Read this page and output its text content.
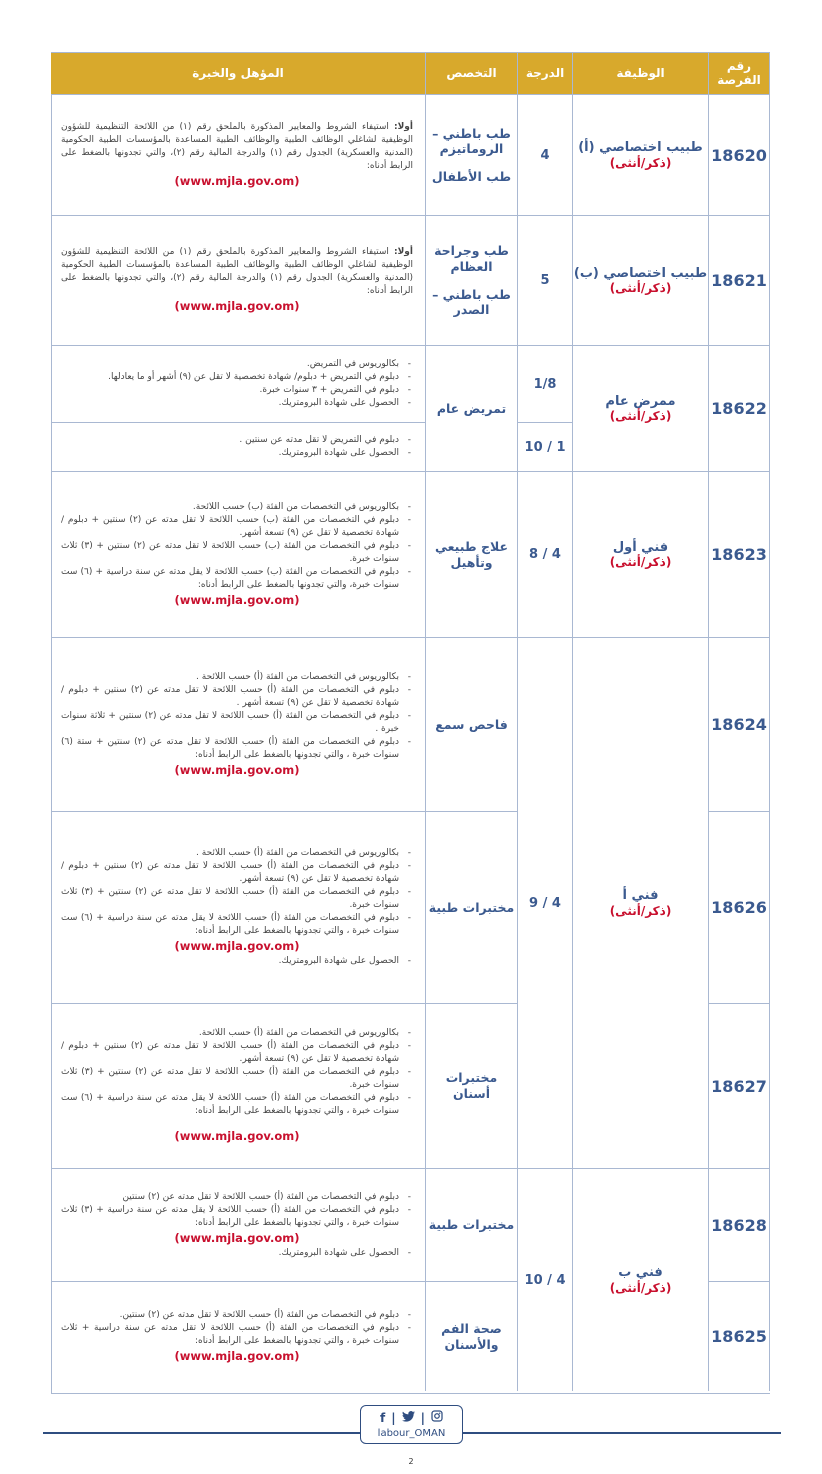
رقم الفرصة
الوظيفة
الدرجة
التخصص
المؤهل والخبرة
18620
طبيب اختصاصي (أ)
(ذكر/أنثى)
4
طب باطني – الروماتيزم
طب الأطفال

أولا: استيفاء الشروط والمعايير المذكورة بالملحق رقم (١) من اللائحة التنظيمية للشؤون الوظيفية لشاغلي الوظائف الطبية والوظائف الطبية المساعدة بالمؤسسات الطبية الحكومية (المدنية والعسكرية) الجدول رقم (١) والدرجة المالية رقم (٢)، والتي تجدونها بالضغط على الرابط أدناه:

(www.mjla.gov.om)
18621
طبيب اختصاصي (ب)
(ذكر/أنثى)
5
طب وجراحة العظام
طب باطني – الصدر

أولا: استيفاء الشروط والمعايير المذكورة بالملحق رقم (١) من اللائحة التنظيمية للشؤون الوظيفية لشاغلي الوظائف الطبية والوظائف الطبية المساعدة بالمؤسسات الطبية الحكومية (المدنية والعسكرية) الجدول رقم (١) والدرجة المالية رقم (٢)، والتي تجدونها بالضغط على الرابط أدناه:

(www.mjla.gov.om)
18622
ممرض عام
(ذكر/أنثى)
1/8
1 / 10
تمريض عام
- بكالوريوس في التمريض.
- دبلوم في التمريض + دبلوم/ شهادة تخصصية لا تقل عن (٩) أشهر أو ما يعادلها.
- دبلوم في التمريض + ٣ سنوات خبرة.
- الحصول على شهادة البرومتريك.
- دبلوم في التمريض لا تقل مدته عن سنتين .
- الحصول على شهادة البرومتريك.
18623
فني أول
(ذكر/أنثى)
4 / 8
علاج طبيعي وتأهيل
- بكالوريوس في التخصصات من الفئة (ب) حسب اللائحة.
- دبلوم في التخصصات من الفئة (ب) حسب اللائحة لا تقل مدته عن (٢) سنتين + دبلوم / شهادة تخصصية لا تقل عن (٩) تسعة أشهر.
- دبلوم في التخصصات من الفئة (ب) حسب اللائحة لا تقل مدته عن (٢) سنتين + (٣) ثلاث سنوات خبرة.
- دبلوم في التخصصات من الفئة (ب) حسب اللائحة لا يقل مدته عن سنة دراسية + (٦) ست سنوات خبرة، والتي تجدونها بالضغط على الرابط أدناه:
(www.mjla.gov.om)
فني أ
(ذكر/أنثى)
4 / 9
18624
فاحص سمع
- بكالوريوس في التخصصات من الفئة (أ) حسب اللائحة .
- دبلوم في التخصصات من الفئة (أ) حسب اللائحة لا تقل مدته عن (٢) سنتين + دبلوم /شهادة تخصصية لا تقل عن (٩) تسعة أشهر .
- دبلوم في التخصصات من الفئة (أ) حسب اللائحة لا تقل مدته عن (٢) سنتين + ثلاثة سنوات خبرة .
- دبلوم في التخصصات من الفئة (أ) حسب اللائحة لا تقل مدته عن (٢) سنتين + ستة (٦) سنوات خبرة ، والتي تجدونها بالضغط على الرابط أدناه:
(www.mjla.gov.om)
18626
مختبرات طبية
- بكالوريوس في التخصصات من الفئة (أ) حسب اللائحة .
- دبلوم في التخصصات من الفئة (أ) حسب اللائحة لا تقل مدته عن (٢) سنتين + دبلوم / شهادة تخصصية لا تقل عن (٩) تسعة أشهر.
- دبلوم في التخصصات من الفئة (أ) حسب اللائحة لا تقل مدته عن (٢) سنتين + (٣) ثلاث سنوات خبرة.
- دبلوم في التخصصات من الفئة (أ) حسب اللائحة لا يقل مدته عن سنة دراسية + (٦) ست سنوات خبرة ، والتي تجدونها بالضغط على الرابط أدناه:
(www.mjla.gov.om)
- الحصول على شهادة البرومتريك.
18627
مختبرات أسنان
- بكالوريوس في التخصصات من الفئة (أ) حسب اللائحة.
- دبلوم في التخصصات من الفئة (أ) حسب اللائحة لا تقل مدته عن (٢) سنتين + دبلوم / شهادة تخصصية لا تقل عن (٩) تسعة أشهر.
- دبلوم في التخصصات من الفئة (أ) حسب اللائحة لا تقل مدته عن (٢) سنتين + (٣) ثلاث سنوات خبرة.
- دبلوم في التخصصات من الفئة (أ) حسب اللائحة لا يقل مدته عن سنة دراسية + (٦) ست سنوات خبرة ، والتي تجدونها بالضغط على الرابط أدناه:
(www.mjla.gov.om)
فني ب
(ذكر/أنثى)
4 / 10
18628
مختبرات طبية
- دبلوم في التخصصات من الفئة (أ) حسب اللائحة لا تقل مدته عن (٢) سنتين
- دبلوم في التخصصات من الفئة (أ) حسب اللائحة لا يقل مدته عن سنة دراسية + (٣) ثلاث سنوات خبرة ، والتي تجدونها بالضغط على الرابط أدناه:
(www.mjla.gov.om)
- الحصول على شهادة البرومتريك.
18625
صحة الفم والأسنان
- دبلوم في التخصصات من الفئة (أ) حسب اللائحة لا تقل مدته عن (٢) سنتين.
- دبلوم في التخصصات من الفئة (أ) حسب اللائحة لا تقل مدته عن سنة دراسية + ثلاث سنوات خبرة ، والتي تجدونها بالضغط على الرابط أدناه:
(www.mjla.gov.om)
f | |
labour_OMAN
2
